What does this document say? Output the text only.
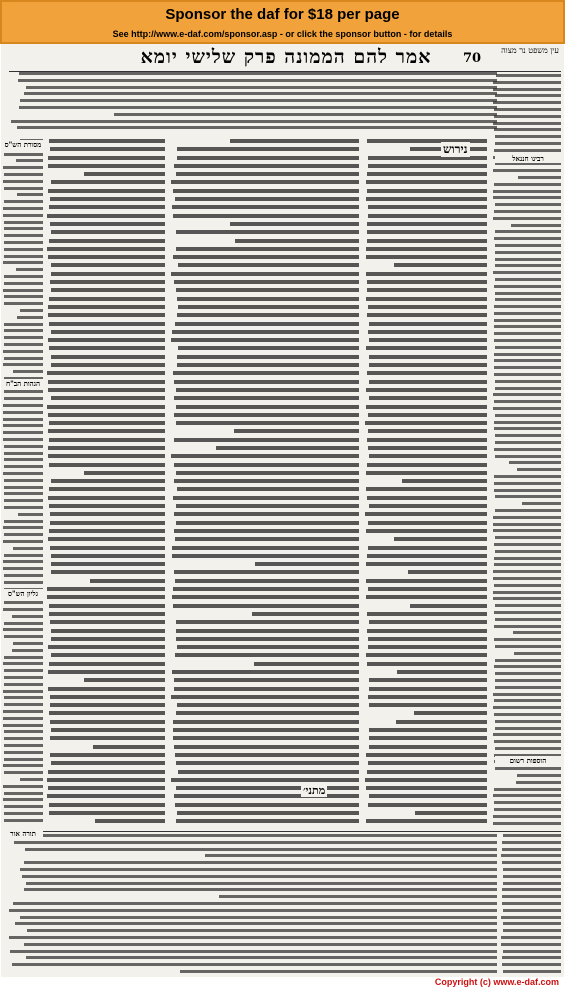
Sponsor the daf for $18 per page
See http://www.e-daf.com/sponsor.asp - or click the sponsor button - for details
אמר להם הממונה פרק שלישי יומא	70
עין משפט נר מצוה
נירוש
מתני׳
רבינו חננאל
מסורת הש"ס
הגהות הב"ח
גליון הש"ס
הוספות רשום
תורה אור
Copyright (c) www.e-daf.com
